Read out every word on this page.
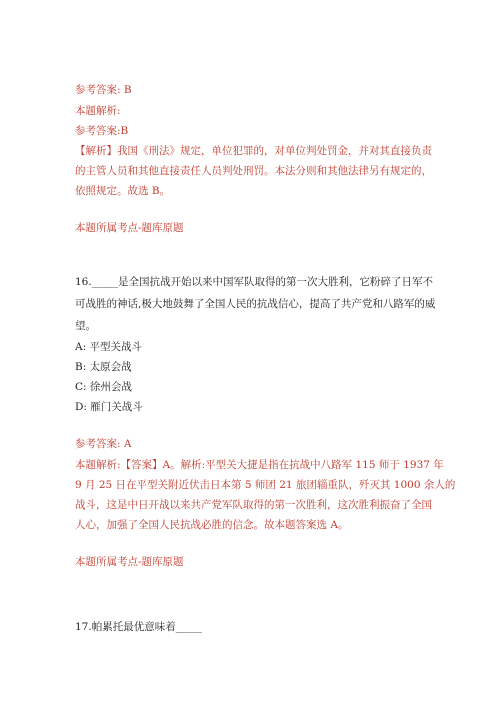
参考答案: B
本题解析:
参考答案:B
【解析】我国《刑法》规定，单位犯罪的，对单位判处罚金，并对其直接负责
的主管人员和其他直接责任人员判处刑罚。本法分则和其他法律另有规定的，
依照规定。故选 B。
本题所属考点-题库原题
16._____是全国抗战开始以来中国军队取得的第一次大胜利，它粉碎了日军不
可战胜的神话,极大地鼓舞了全国人民的抗战信心，提高了共产党和八路军的威
望。
A: 平型关战斗
B: 太原会战
C: 徐州会战
D: 雁门关战斗
参考答案: A
本题解析:【答案】A。解析:平型关大捷是指在抗战中八路军 115 师于 1937 年
9 月 25 日在平型关附近伏击日本第 5 师团 21 旅团辎重队，歼灭其 1000 余人的
战斗，这是中日开战以来共产党军队取得的第一次胜利，这次胜利振奋了全国
人心，加强了全国人民抗战必胜的信念。故本题答案选 A。
本题所属考点-题库原题
17.帕累托最优意味着_____
